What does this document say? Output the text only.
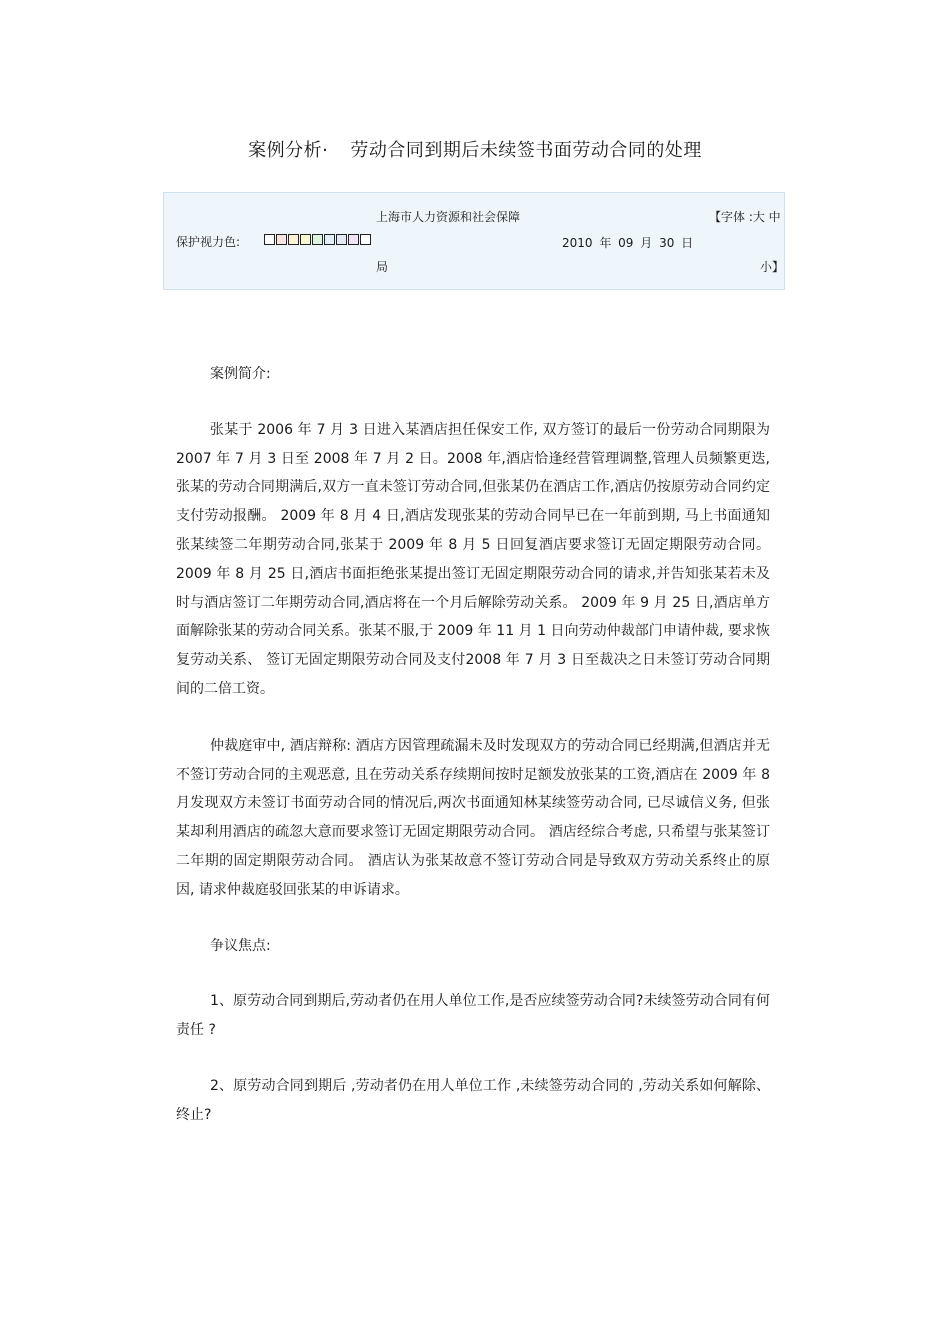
案例分析· 劳动合同到期后未续签书面劳动合同的处理
上海市人力资源和社会保障
局
保护视力色:	2010 年 09 月 30 日
【字体 :大 中
小】

案例简介:

张某于 2006 年 7 月 3 日进入某酒店担任保安工作, 双方签订的最后一份劳动合同期限为 2007 年 7 月 3 日至 2008 年 7 月 2 日。2008 年,酒店恰逢经营管理调整,管理人员频繁更迭,张某的劳动合同期满后,双方一直未签订劳动合同,但张某仍在酒店工作,酒店仍按原劳动合同约定支付劳动报酬。 2009 年 8 月 4 日,酒店发现张某的劳动合同早已在一年前到期, 马上书面通知张某续签二年期劳动合同,张某于 2009 年 8 月 5 日回复酒店要求签订无固定期限劳动合同。 2009 年 8 月 25 日,酒店书面拒绝张某提出签订无固定期限劳动合同的请求,并告知张某若未及时与酒店签订二年期劳动合同,酒店将在一个月后解除劳动关系。 2009 年 9 月 25 日,酒店单方面解除张某的劳动合同关系。张某不服,于 2009 年 11 月 1 日向劳动仲裁部门申请仲裁, 要求恢复劳动关系、 签订无固定期限劳动合同及支付2008 年 7 月 3 日至裁决之日未签订劳动合同期间的二倍工资。

仲裁庭审中, 酒店辩称: 酒店方因管理疏漏未及时发现双方的劳动合同已经期满,但酒店并无不签订劳动合同的主观恶意, 且在劳动关系存续期间按时足额发放张某的工资,酒店在 2009 年 8 月发现双方未签订书面劳动合同的情况后,两次书面通知林某续签劳动合同, 已尽诚信义务, 但张某却利用酒店的疏忽大意而要求签订无固定期限劳动合同。 酒店经综合考虑, 只希望与张某签订二年期的固定期限劳动合同。 酒店认为张某故意不签订劳动合同是导致双方劳动关系终止的原因, 请求仲裁庭驳回张某的申诉请求。

争议焦点:

1、原劳动合同到期后,劳动者仍在用人单位工作,是否应续签劳动合同?未续签劳动合同有何责任 ?

2、原劳动合同到期后 ,劳动者仍在用人单位工作 ,未续签劳动合同的 ,劳动关系如何解除、终止?
